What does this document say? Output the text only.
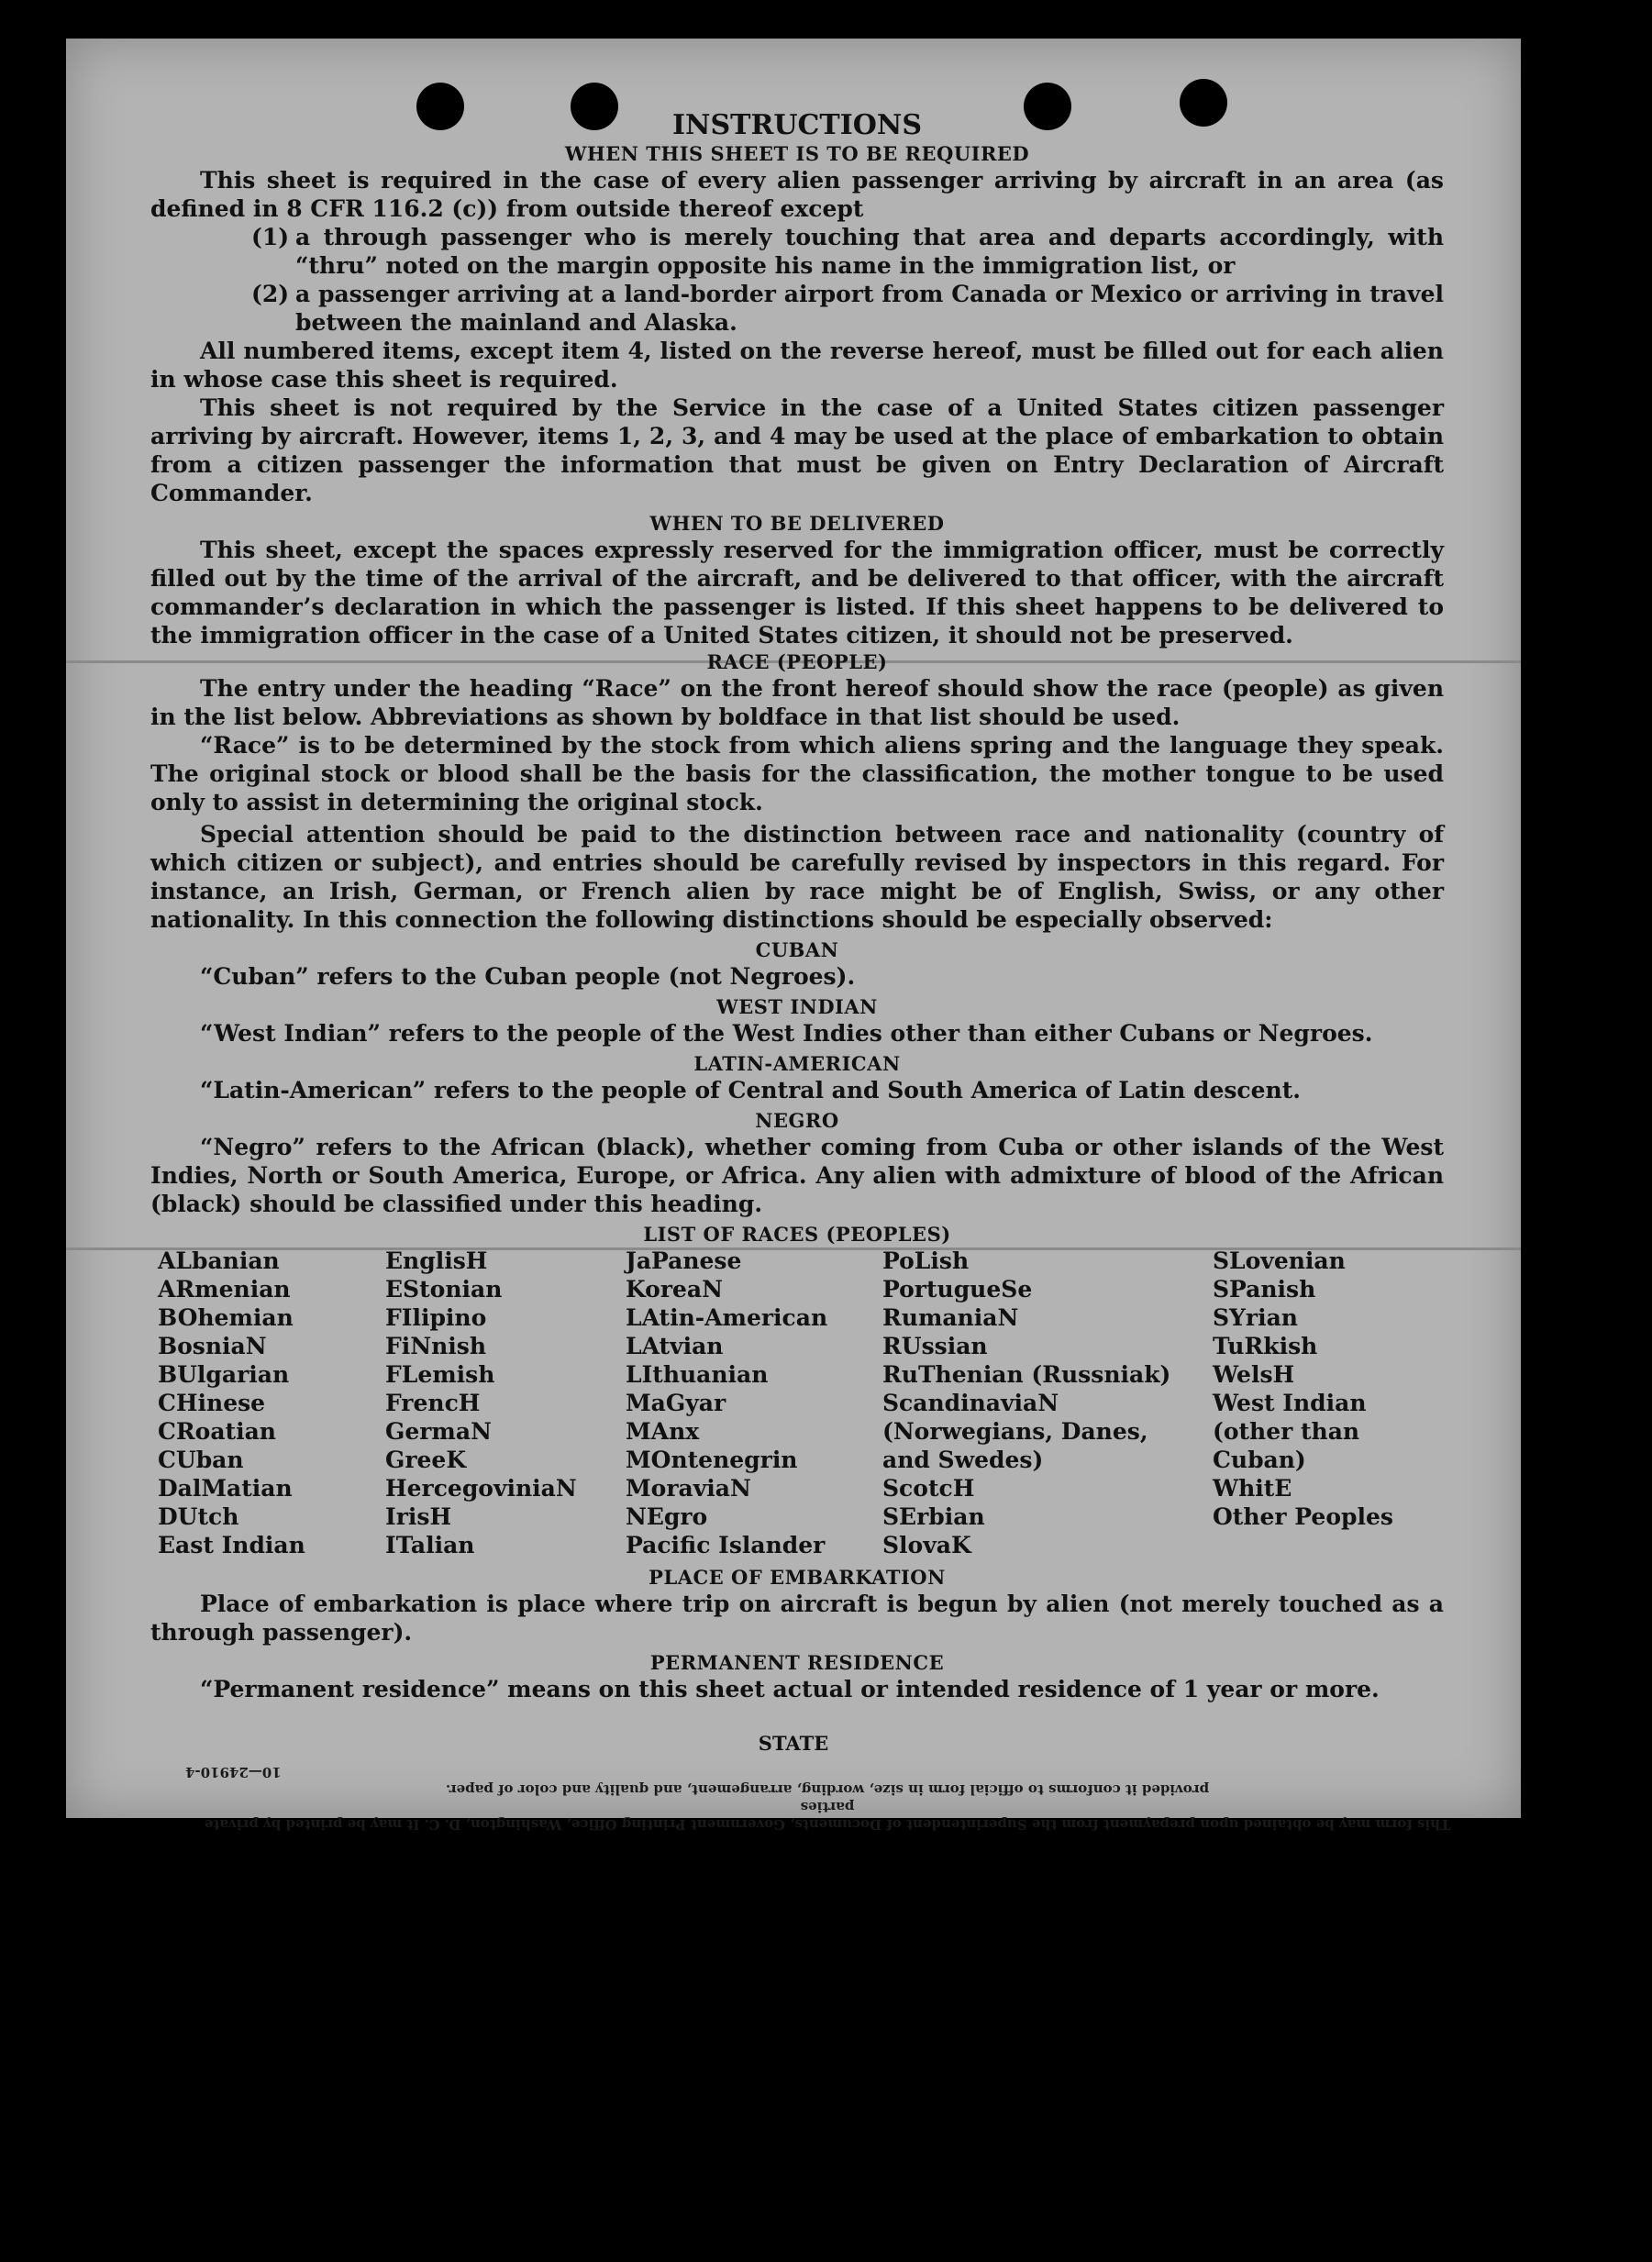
INSTRUCTIONS
WHEN THIS SHEET IS TO BE REQUIRED

This sheet is required in the case of every alien passenger arriving by aircraft in an area (as defined in 8 CFR 116.2 (c)) from outside thereof except

(1) a through passenger who is merely touching that area and departs accordingly, with “thru” noted on the margin opposite his name in the immigration list, or
(2) a passenger arriving at a land-border airport from Canada or Mexico or arriving in travel between the mainland and Alaska.

All numbered items, except item 4, listed on the reverse hereof, must be filled out for each alien in whose case this sheet is required.

This sheet is not required by the Service in the case of a United States citizen passenger arriving by aircraft. However, items 1, 2, 3, and 4 may be used at the place of embarkation to obtain from a citizen passenger the information that must be given on Entry Declaration of Aircraft Commander.

WHEN TO BE DELIVERED

This sheet, except the spaces expressly reserved for the immigration officer, must be correctly filled out by the time of the arrival of the aircraft, and be delivered to that officer, with the aircraft commander’s declaration in which the passenger is listed. If this sheet happens to be delivered to the immigration officer in the case of a United States citizen, it should not be preserved.

RACE (PEOPLE)

The entry under the heading “Race” on the front hereof should show the race (people) as given in the list below. Abbreviations as shown by boldface in that list should be used.

“Race” is to be determined by the stock from which aliens spring and the language they speak. The original stock or blood shall be the basis for the classification, the mother tongue to be used only to assist in determining the original stock.

Special attention should be paid to the distinction between race and nationality (country of which citizen or subject), and entries should be carefully revised by inspectors in this regard. For instance, an Irish, German, or French alien by race might be of English, Swiss, or any other nationality. In this connection the following distinctions should be especially observed:

CUBAN

“Cuban” refers to the Cuban people (not Negroes).

WEST INDIAN

“West Indian” refers to the people of the West Indies other than either Cubans or Negroes.

LATIN-AMERICAN

“Latin-American” refers to the people of Central and South America of Latin descent.

NEGRO

“Negro” refers to the African (black), whether coming from Cuba or other islands of the West Indies, North or South America, Europe, or Africa. Any alien with admixture of blood of the African (black) should be classified under this heading.

LIST OF RACES (PEOPLES)
ALbanian
ARmenian
BOhemian
BosniaN
BUlgarian
CHinese
CRoatian
CUban
DalMatian
DUtch
East Indian
EnglisH
EStonian
FIlipino
FiNnish
FLemish
FrencH
GermaN
GreeK
HercegoviniaN
IrisH
ITalian
JaPanese
KoreaN
LAtin-American
LAtvian
LIthuanian
MaGyar
MAnx
MOntenegrin
MoraviaN
NEgro
Pacific Islander
PoLish
PortugueSe
RumaniaN
RUssian
RuThenian (Russniak)
ScandinaviaN (Norwegians, Danes, and Swedes)
ScotcH
SErbian
SlovaK
SLovenian
SPanish
SYrian
TuRkish
WelsH
West Indian (other than Cuban)
WhitE
Other Peoples
PLACE OF EMBARKATION

Place of embarkation is place where trip on aircraft is begun by alien (not merely touched as a through passenger).

PERMANENT RESIDENCE

“Permanent residence” means on this sheet actual or intended residence of 1 year or more.

STATE
This form may be obtained upon prepayment from the Superintendent of Documents, Government Printing Office, Washington, D. C. It may be printed by private parties
provided it conforms to official form in size, wording, arrangement, and quality and color of paper.
10—24910-4
